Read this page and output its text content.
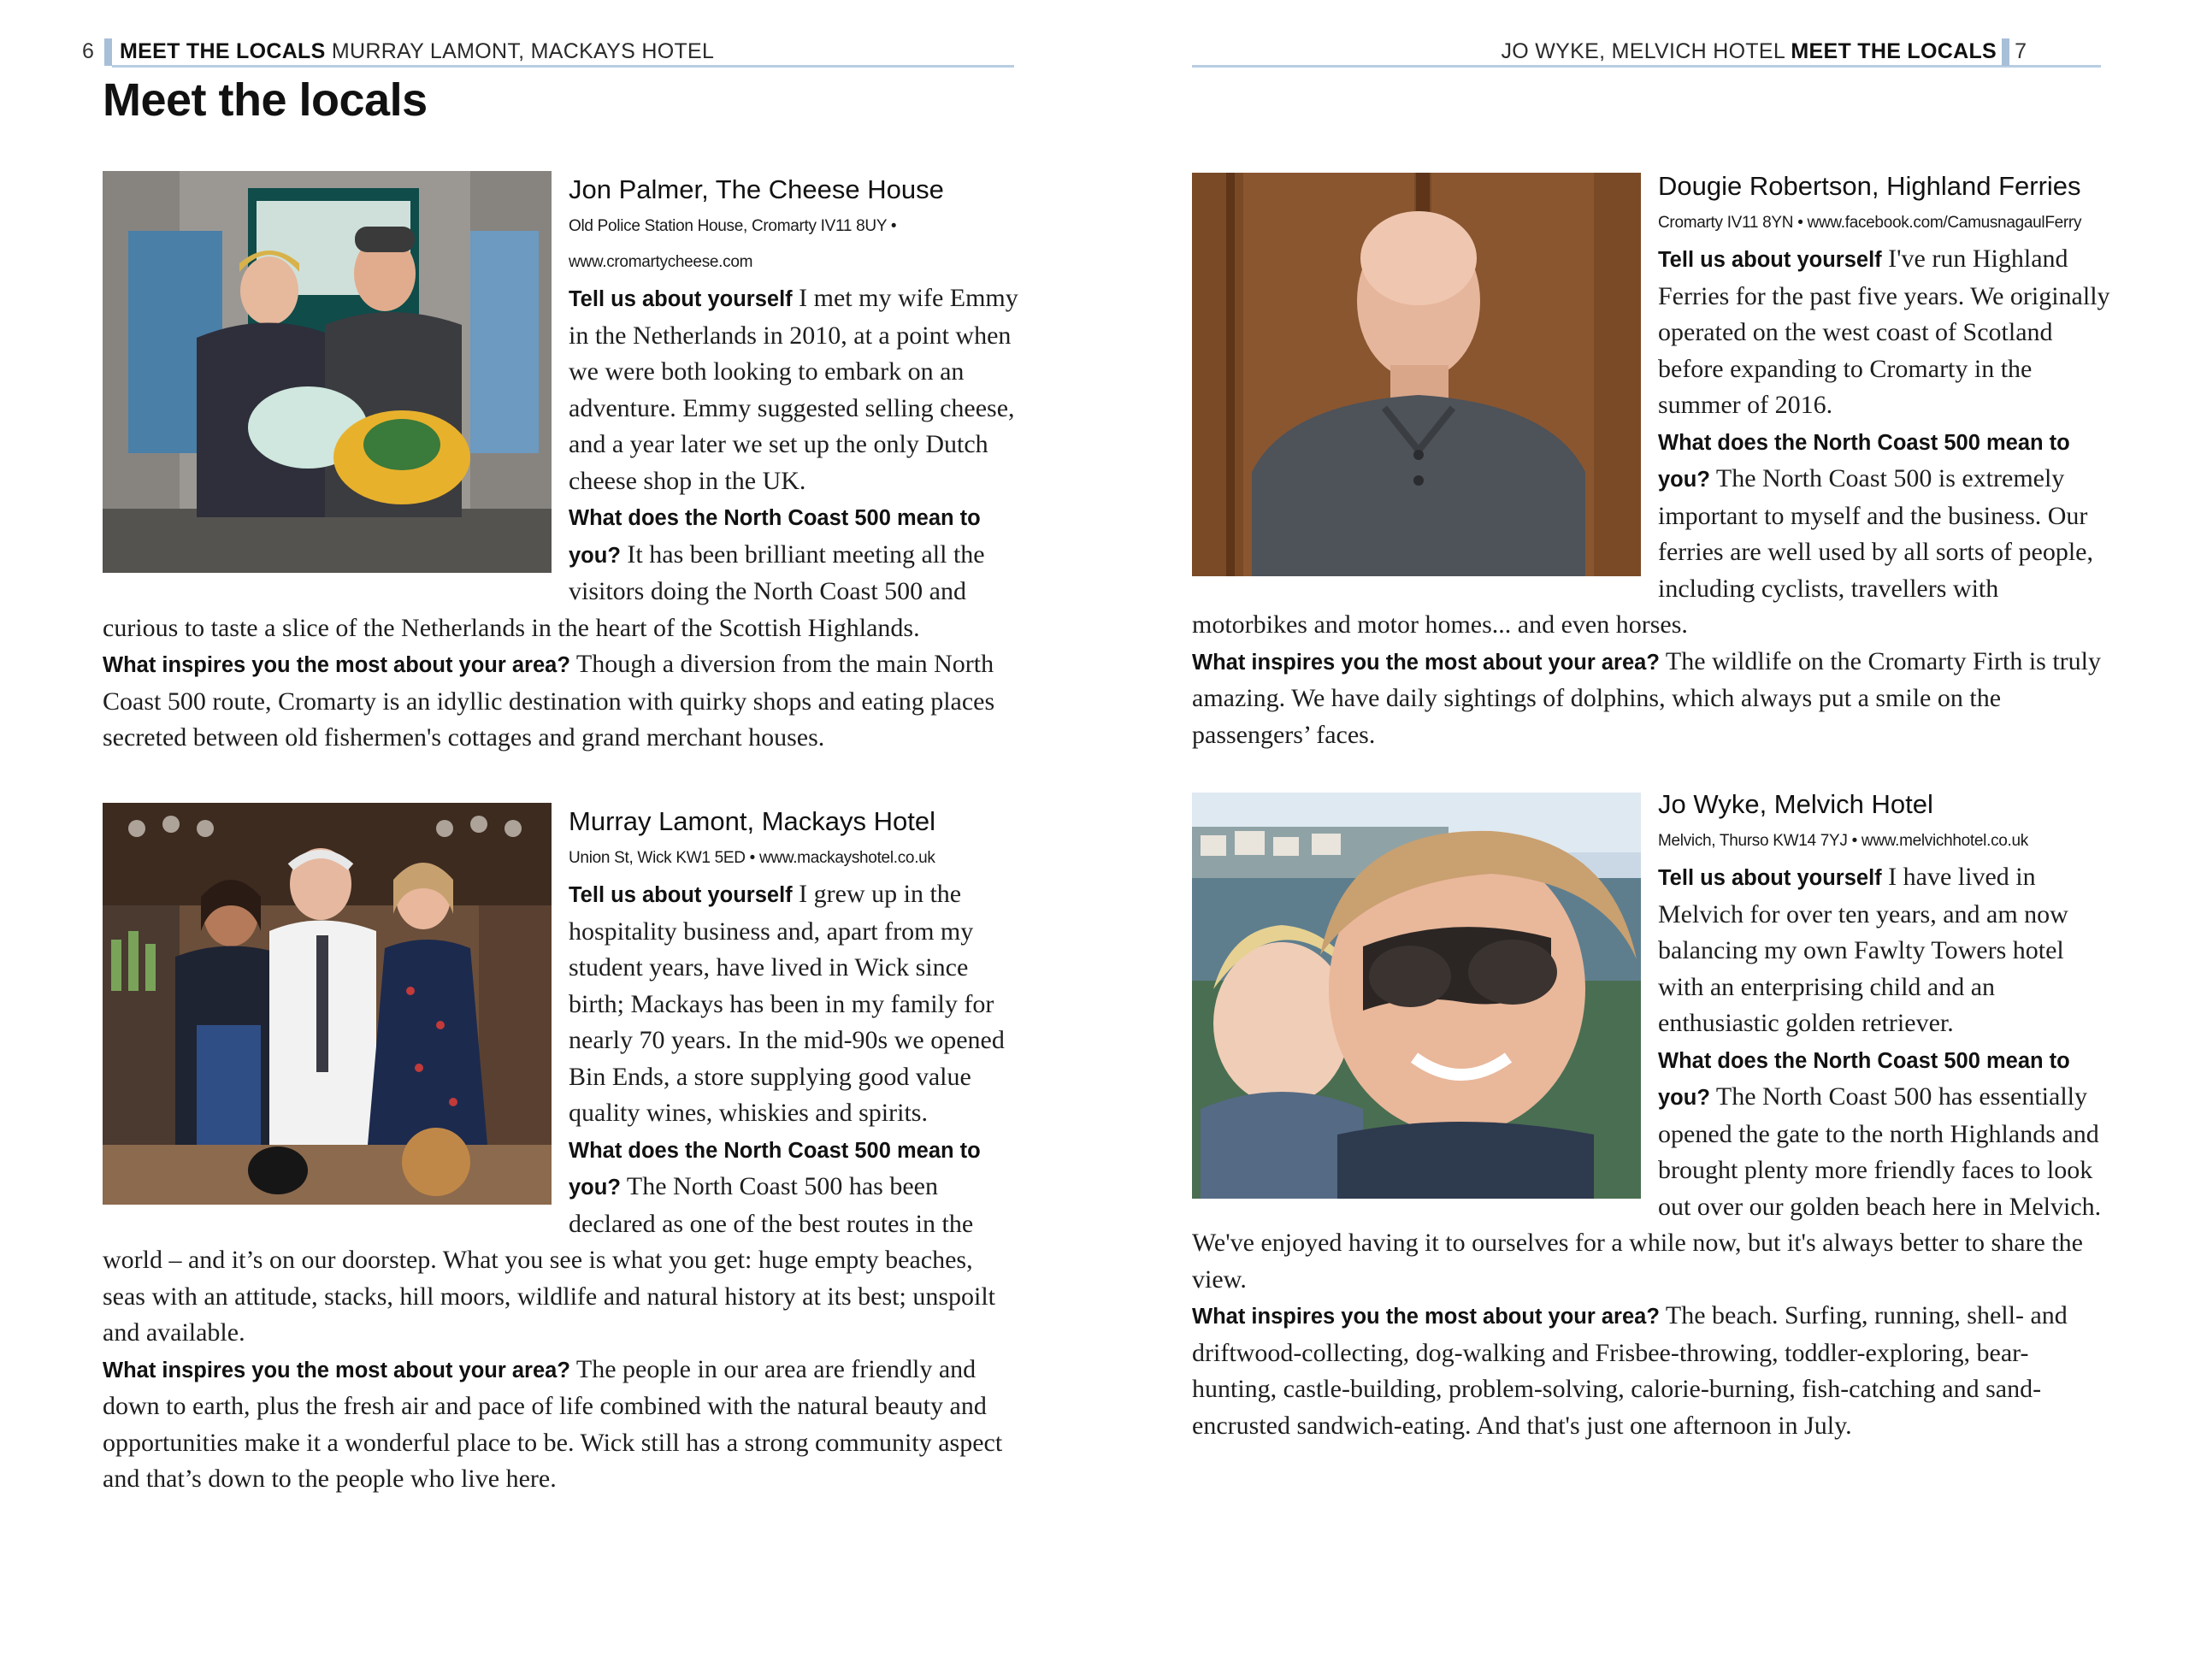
6 MEET THE LOCALS MURRAY LAMONT, MACKAYS HOTEL
Meet the locals
Jon Palmer, The Cheese House
Old Police Station House, Cromarty IV11 8UY •
www.cromartycheese.com
Tell us about yourself I met my wife Emmy in the Netherlands in 2010, at a point when we were both looking to embark on an adventure. Emmy suggested selling cheese, and a year later we set up the only Dutch cheese shop in the UK.
What does the North Coast 500 mean to you? It has been brilliant meeting all the visitors doing the North Coast 500 and curious to taste a slice of the Netherlands in the heart of the Scottish Highlands.
What inspires you the most about your area? Though a diversion from the main North Coast 500 route, Cromarty is an idyllic destination with quirky shops and eating places secreted between old fishermen's cottages and grand merchant houses.
Murray Lamont, Mackays Hotel
Union St, Wick KW1 5ED • www.mackayshotel.co.uk
Tell us about yourself I grew up in the hospitality business and, apart from my student years, have lived in Wick since birth; Mackays has been in my family for nearly 70 years. In the mid-90s we opened Bin Ends, a store supplying good value quality wines, whiskies and spirits.
What does the North Coast 500 mean to you? The North Coast 500 has been declared as one of the best routes in the world – and it’s on our doorstep. What you see is what you get: huge empty beaches, seas with an attitude, stacks, hill moors, wildlife and natural history at its best; unspoilt and available.
What inspires you the most about your area? The people in our area are friendly and down to earth, plus the fresh air and pace of life combined with the natural beauty and opportunities make it a wonderful place to be. Wick still has a strong community aspect and that’s down to the people who live here.
JO WYKE, MELVICH HOTEL MEET THE LOCALS 7
Dougie Robertson, Highland Ferries
Cromarty IV11 8YN • www.facebook.com/CamusnagaulFerry
Tell us about yourself I've run Highland Ferries for the past five years. We originally operated on the west coast of Scotland before expanding to Cromarty in the summer of 2016.
What does the North Coast 500 mean to you? The North Coast 500 is extremely important to myself and the business. Our ferries are well used by all sorts of people, including cyclists, travellers with motorbikes and motor homes... and even horses.
What inspires you the most about your area? The wildlife on the Cromarty Firth is truly amazing. We have daily sightings of dolphins, which always put a smile on the passengers’ faces.
Jo Wyke, Melvich Hotel
Melvich, Thurso KW14 7YJ • www.melvichhotel.co.uk
Tell us about yourself I have lived in Melvich for over ten years, and am now balancing my own Fawlty Towers hotel with an enterprising child and an enthusiastic golden retriever.
What does the North Coast 500 mean to you? The North Coast 500 has essentially opened the gate to the north Highlands and brought plenty more friendly faces to look out over our golden beach here in Melvich. We've enjoyed having it to ourselves for a while now, but it's always better to share the view.
What inspires you the most about your area? The beach. Surfing, running, shell- and driftwood-collecting, dog-walking and Frisbee-throwing, toddler-exploring, bear-hunting, castle-building, problem-solving, calorie-burning, fish-catching and sand-encrusted sandwich-eating. And that's just one afternoon in July.
